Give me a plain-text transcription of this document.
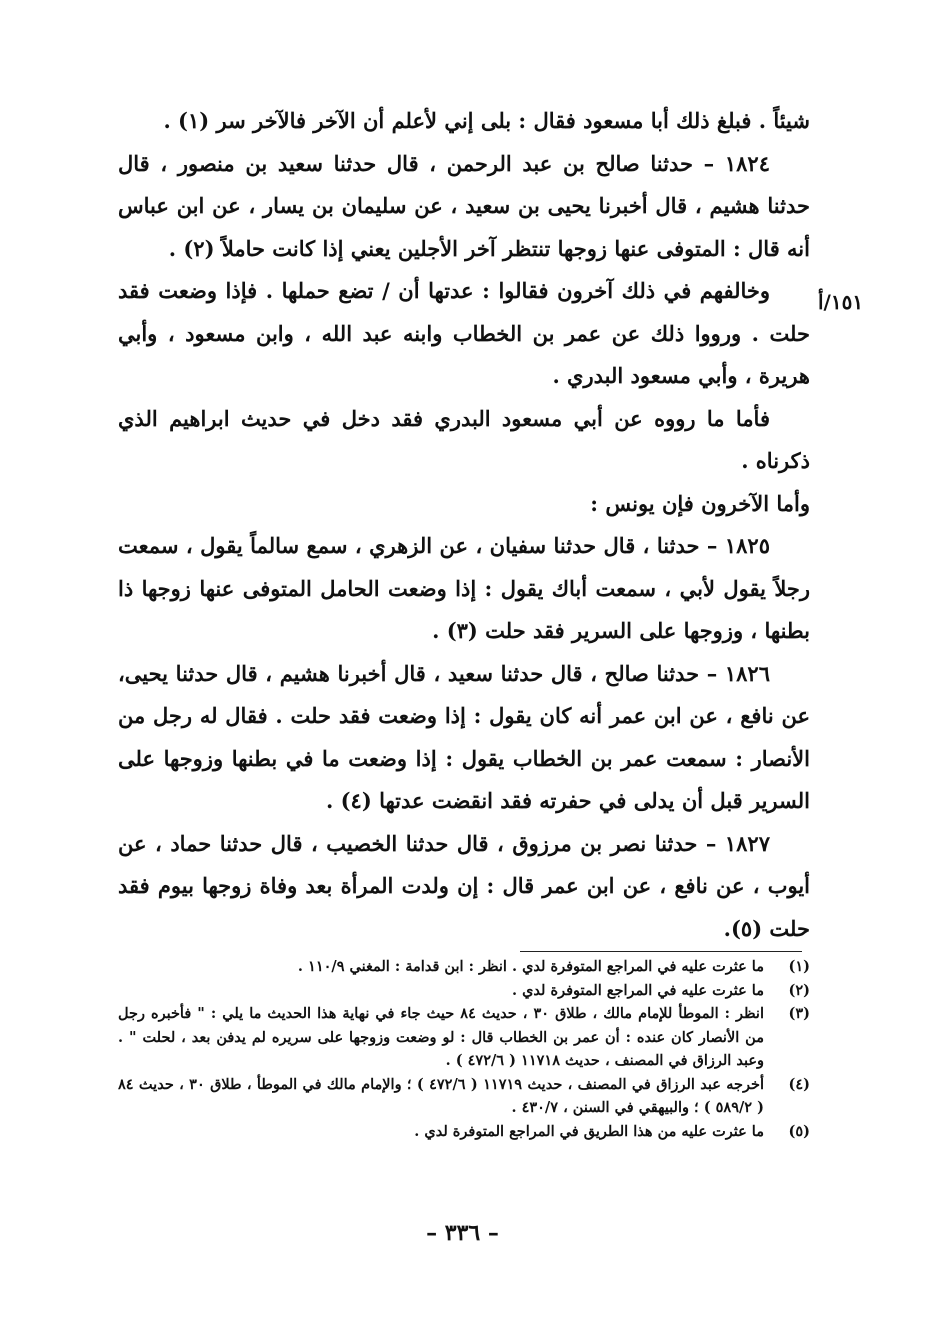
١٥١/أ

شيئاً . فبلغ ذلك أبا مسعود فقال : بلى إني لأعلم أن الآخر فالآخر سر (١) .

١٨٢٤ – حدثنا صالح بن عبد الرحمن ، قال حدثنا سعيد بن منصور ، قال حدثنا هشيم ، قال أخبرنا يحيى بن سعيد ، عن سليمان بن يسار ، عن ابن عباس أنه قال : المتوفى عنها زوجها تنتظر آخر الأجلين يعني إذا كانت حاملاً (٢) .

وخالفهم في ذلك آخرون فقالوا : عدتها أن / تضع حملها . فإذا وضعت فقد حلت . ورووا ذلك عن عمر بن الخطاب وابنه عبد الله ، وابن مسعود ، وأبي هريرة ، وأبي مسعود البدري .

فأما ما رووه عن أبي مسعود البدري فقد دخل في حديث ابراهيم الذي ذكرناه .

وأما الآخرون فإن يونس :

١٨٢٥ – حدثنا ، قال حدثنا سفيان ، عن الزهري ، سمع سالماً يقول ، سمعت رجلاً يقول لأبي ، سمعت أباك يقول : إذا وضعت الحامل المتوفى عنها زوجها ذا بطنها ، وزوجها على السرير فقد حلت (٣) .

١٨٢٦ – حدثنا صالح ، قال حدثنا سعيد ، قال أخبرنا هشيم ، قال حدثنا يحيى، عن نافع ، عن ابن عمر أنه كان يقول : إذا وضعت فقد حلت . فقال له رجل من الأنصار : سمعت عمر بن الخطاب يقول : إذا وضعت ما في بطنها وزوجها على السرير قبل أن يدلى في حفرته فقد انقضت عدتها (٤) .

١٨٢٧ – حدثنا نصر بن مرزوق ، قال حدثنا الخصيب ، قال حدثنا حماد ، عن أيوب ، عن نافع ، عن ابن عمر قال : إن ولدت المرأة بعد وفاة زوجها بيوم فقد حلت (٥).

(١)
ما عثرت عليه في المراجع المتوفرة لدي . انظر : ابن قدامة : المغني ١١٠/٩ .
(٢)
ما عثرت عليه في المراجع المتوفرة لدي .
(٣)
انظر : الموطأ للإمام مالك ، طلاق ٣٠ ، حديث ٨٤ حيث جاء في نهاية هذا الحديث ما يلي : " فأخبره رجل من الأنصار كان عنده : أن عمر بن الخطاب قال : لو وضعت وزوجها على سريره لم يدفن بعد ، لحلت " . وعبد الرزاق في المصنف ، حديث ١١٧١٨ ( ٤٧٢/٦ ) .
(٤)
أخرجه عبد الرزاق في المصنف ، حديث ١١٧١٩ ( ٤٧٢/٦ ) ؛ والإمام مالك في الموطأ ، طلاق ٣٠ ، حديث ٨٤ ( ٥٨٩/٢ ) ؛ والبيهقي في السنن ، ٤٣٠/٧ .
(٥)
ما عثرت عليه من هذا الطريق في المراجع المتوفرة لدي .
– ٣٣٦ –
